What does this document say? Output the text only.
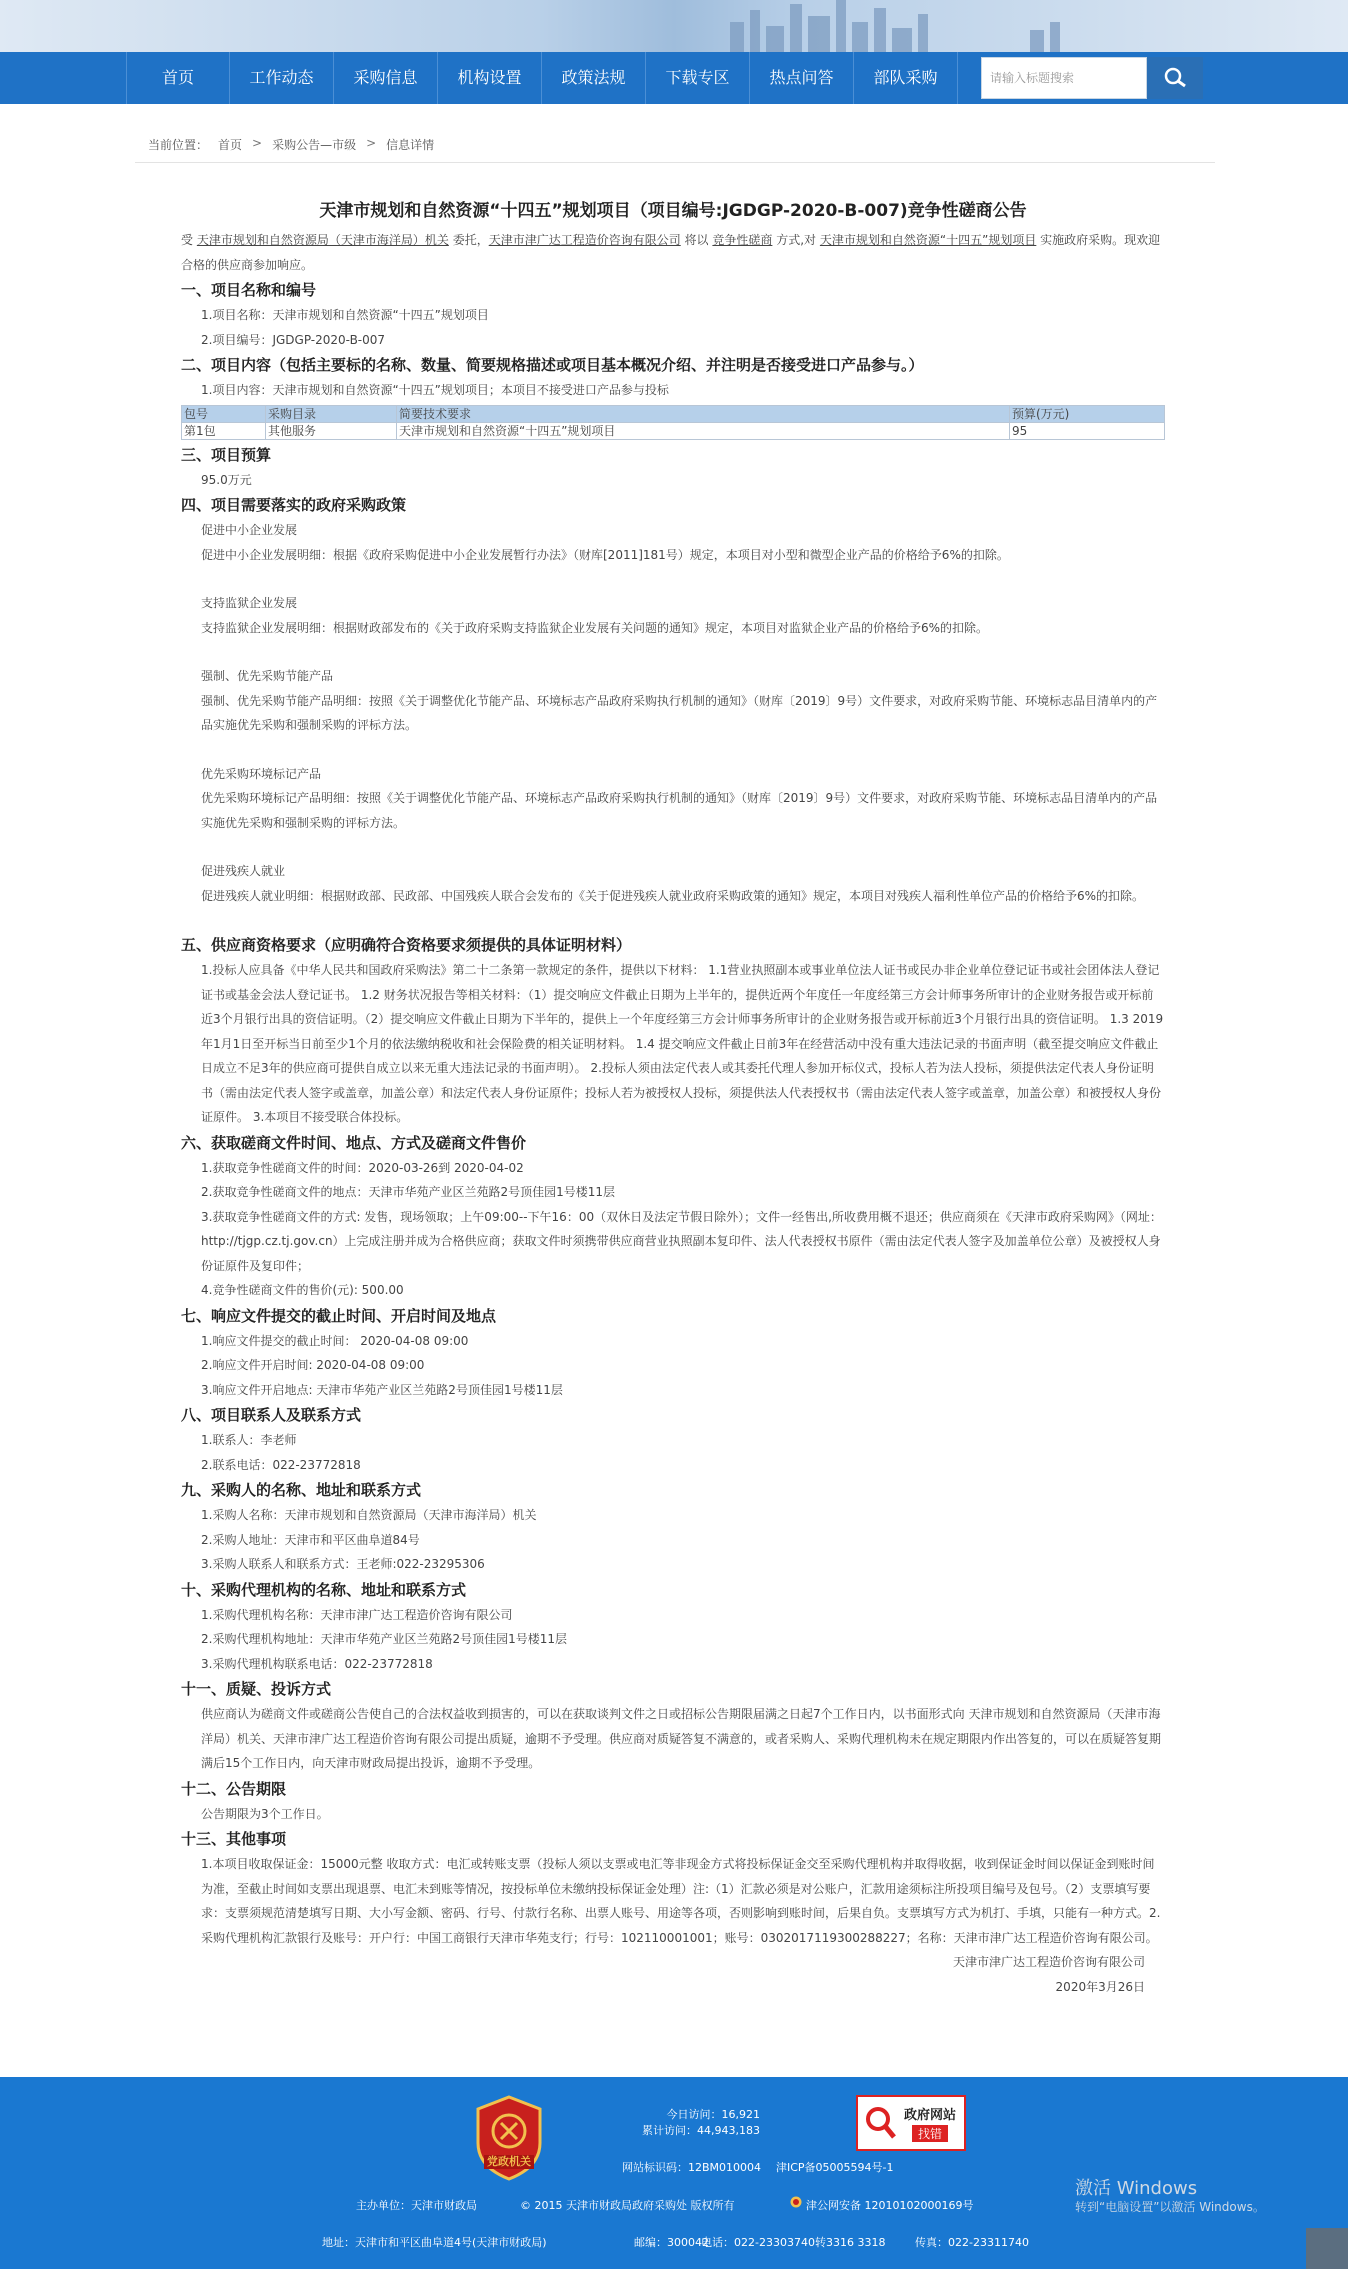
首页	工作动态	采购信息	机构设置	政策法规	下载专区	热点问答	部队采购	请输入标题搜索
当前位置： 首页 > 采购公告—市级 > 信息详情
天津市规划和自然资源“十四五”规划项目（项目编号:JGDGP-2020-B-007)竞争性磋商公告
受 天津市规划和自然资源局（天津市海洋局）机关 委托，天津市津广达工程造价咨询有限公司 将以 竞争性磋商 方式,对 天津市规划和自然资源“十四五”规划项目 实施政府采购。现欢迎合格的供应商参加响应。
一、项目名称和编号
1.项目名称：天津市规划和自然资源“十四五”规划项目
2.项目编号：JGDGP-2020-B-007
二、项目内容（包括主要标的名称、数量、简要规格描述或项目基本概况介绍、并注明是否接受进口产品参与。）
1.项目内容：天津市规划和自然资源“十四五”规划项目；本项目不接受进口产品参与投标
包号	采购目录	简要技术要求	预算(万元)
第1包	其他服务	天津市规划和自然资源“十四五”规划项目	95
三、项目预算
95.0万元
四、项目需要落实的政府采购政策
促进中小企业发展
促进中小企业发展明细：根据《政府采购促进中小企业发展暂行办法》（财库[2011]181号）规定，本项目对小型和微型企业产品的价格给予6%的扣除。
支持监狱企业发展
支持监狱企业发展明细：根据财政部发布的《关于政府采购支持监狱企业发展有关问题的通知》规定，本项目对监狱企业产品的价格给予6%的扣除。
强制、优先采购节能产品
强制、优先采购节能产品明细：按照《关于调整优化节能产品、环境标志产品政府采购执行机制的通知》（财库〔2019〕9号）文件要求，对政府采购节能、环境标志品目清单内的产品实施优先采购和强制采购的评标方法。
优先采购环境标记产品
优先采购环境标记产品明细：按照《关于调整优化节能产品、环境标志产品政府采购执行机制的通知》（财库〔2019〕9号）文件要求，对政府采购节能、环境标志品目清单内的产品实施优先采购和强制采购的评标方法。
促进残疾人就业
促进残疾人就业明细：根据财政部、民政部、中国残疾人联合会发布的《关于促进残疾人就业政府采购政策的通知》规定，本项目对残疾人福利性单位产品的价格给予6%的扣除。
五、供应商资格要求（应明确符合资格要求须提供的具体证明材料）
1.投标人应具备《中华人民共和国政府采购法》第二十二条第一款规定的条件，提供以下材料： 1.1营业执照副本或事业单位法人证书或民办非企业单位登记证书或社会团体法人登记证书或基金会法人登记证书。 1.2 财务状况报告等相关材料：（1）提交响应文件截止日期为上半年的，提供近两个年度任一年度经第三方会计师事务所审计的企业财务报告或开标前近3个月银行出具的资信证明。（2）提交响应文件截止日期为下半年的，提供上一个年度经第三方会计师事务所审计的企业财务报告或开标前近3个月银行出具的资信证明。 1.3 2019年1月1日至开标当日前至少1个月的依法缴纳税收和社会保险费的相关证明材料。 1.4 提交响应文件截止日前3年在经营活动中没有重大违法记录的书面声明（截至提交响应文件截止日成立不足3年的供应商可提供自成立以来无重大违法记录的书面声明）。 2.投标人须由法定代表人或其委托代理人参加开标仪式，投标人若为法人投标，须提供法定代表人身份证明书（需由法定代表人签字或盖章，加盖公章）和法定代表人身份证原件；投标人若为被授权人投标，须提供法人代表授权书（需由法定代表人签字或盖章，加盖公章）和被授权人身份证原件。 3.本项目不接受联合体投标。
六、获取磋商文件时间、地点、方式及磋商文件售价
1.获取竞争性磋商文件的时间：2020-03-26到 2020-04-02
2.获取竞争性磋商文件的地点：天津市华苑产业区兰苑路2号顶佳园1号楼11层
3.获取竞争性磋商文件的方式: 发售，现场领取；上午09:00--下午16：00（双休日及法定节假日除外）；文件一经售出,所收费用概不退还；供应商须在《天津市政府采购网》（网址：http://tjgp.cz.tj.gov.cn）上完成注册并成为合格供应商；获取文件时须携带供应商营业执照副本复印件、法人代表授权书原件（需由法定代表人签字及加盖单位公章）及被授权人身份证原件及复印件；
4.竞争性磋商文件的售价(元): 500.00
七、响应文件提交的截止时间、开启时间及地点
1.响应文件提交的截止时间： 2020-04-08 09:00
2.响应文件开启时间: 2020-04-08 09:00
3.响应文件开启地点: 天津市华苑产业区兰苑路2号顶佳园1号楼11层
八、项目联系人及联系方式
1.联系人：李老师
2.联系电话：022-23772818
九、采购人的名称、地址和联系方式
1.采购人名称：天津市规划和自然资源局（天津市海洋局）机关
2.采购人地址：天津市和平区曲阜道84号
3.采购人联系人和联系方式：王老师:022-23295306
十、采购代理机构的名称、地址和联系方式
1.采购代理机构名称：天津市津广达工程造价咨询有限公司
2.采购代理机构地址：天津市华苑产业区兰苑路2号顶佳园1号楼11层
3.采购代理机构联系电话：022-23772818
十一、质疑、投诉方式
供应商认为磋商文件或磋商公告使自己的合法权益收到损害的，可以在获取谈判文件之日或招标公告期限届满之日起7个工作日内，以书面形式向 天津市规划和自然资源局（天津市海洋局）机关、天津市津广达工程造价咨询有限公司提出质疑，逾期不予受理。供应商对质疑答复不满意的，或者采购人、采购代理机构未在规定期限内作出答复的，可以在质疑答复期满后15个工作日内，向天津市财政局提出投诉，逾期不予受理。
十二、公告期限
公告期限为3个工作日。
十三、其他事项
1.本项目收取保证金：15000元整 收取方式：电汇或转账支票（投标人须以支票或电汇等非现金方式将投标保证金交至采购代理机构并取得收据，收到保证金时间以保证金到账时间为准，至截止时间如支票出现退票、电汇未到账等情况，按投标单位未缴纳投标保证金处理）注:（1）汇款必须是对公账户，汇款用途须标注所投项目编号及包号。（2）支票填写要求：支票须规范清楚填写日期、大小写金额、密码、行号、付款行名称、出票人账号、用途等各项，否则影响到账时间，后果自负。支票填写方式为机打、手填，只能有一种方式。2.采购代理机构汇款银行及账号：开户行：中国工商银行天津市华苑支行；行号：102110001001；账号：0302017119300288227；名称：天津市津广达工程造价咨询有限公司。
天津市津广达工程造价咨询有限公司
2020年3月26日
党政机关
今日访问：16,921
累计访问：44,943,183
政府网站
找错
网站标识码：12BM010004 津ICP备05005594号-1
主办单位：天津市财政局	© 2015 天津市财政局政府采购处 版权所有	津公网安备 12010102000169号
地址：天津市和平区曲阜道4号(天津市财政局)	邮编：300042
电话：022-23303740转3316 3318	传真：022-23311740
激活 Windows
转到“电脑设置”以激活 Windows。
